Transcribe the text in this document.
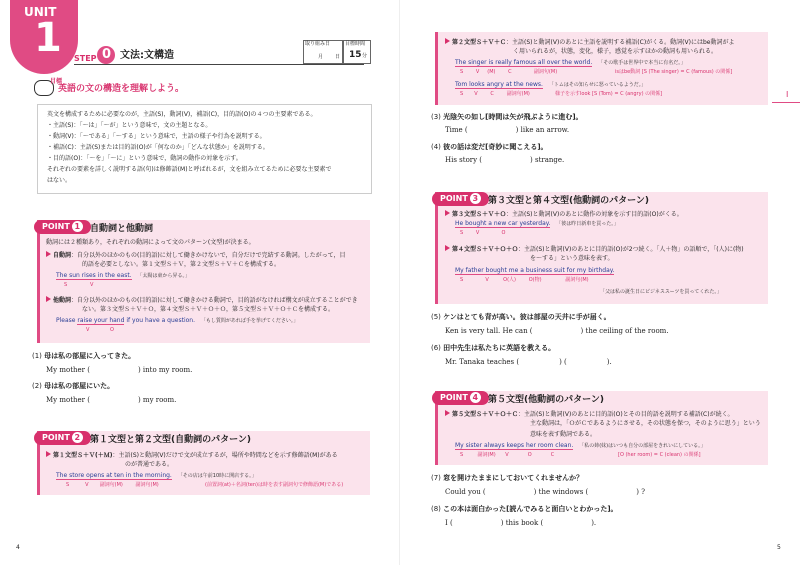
UNIT
1 STEP 0 文法:文構造
取り組み日
月 日
目標時間
15 分
目標
英語の文の構造を理解しよう。
英文を構成するために必要なのが，主語(S)，動詞(V)，補語(C)，目的語(O)の４つの主要素である。
・主語(S)：「～は」「～が」という意味で，文の主題となる。
・動詞(V)：「～である」「～する」という意味で，主語の様子や行為を説明する。
・補語(C)：主語(S)または目的語(O)が「何なのか」「どんな状態か」を説明する。
・目的語(O)：「～を」「～に」という意味で，動詞の動作の対象を示す。
それぞれの要素を詳しく説明する語(句)は修飾語(M)と呼ばれるが，文を組み立てるために必要な主要素で
はない。
POINT 1	自動詞と他動詞
動詞には２種類あり，それぞれの動詞によって文のパターン(文型)が決まる。
自動詞：自分以外のほかのもの(目的語)に対して働きかけないで，自分だけで完結する動詞。したがって，目
的語を必要としない。第１文型Ｓ＋Ｖ，第２文型Ｓ＋Ｖ＋Ｃを構成する。
The sun rises in the east. 「太陽は東から昇る。」
S	V
他動詞：自分以外のほかのもの(目的語)に対して働きかける動詞で，目的語がなければ構文が成立することができ
ない。第３文型Ｓ＋Ｖ＋Ｏ，第４文型Ｓ＋Ｖ＋Ｏ＋Ｏ，第５文型Ｓ＋Ｖ＋Ｏ＋Ｃを構成する。
Please raise your hand if you have a question. 「もし質問があれば手を挙げてください。」
V	O
(1) 母は私の部屋に入ってきた。
My mother (	) into my room.
(2) 母は私の部屋にいた。
My mother (	) my room.
POINT 2	第１文型と第２文型(自動詞のパターン)
第１文型Ｓ＋Ｖ(＋Ｍ)：主語(S)と動詞(V)だけで文が成立するが，場所や時間などを示す修飾語(M)がある
のが普通である。
The store opens at ten in the morning. 「その店は午前10時に開店する。」
S          V       副詞句(M)        副詞句(M)	(前置詞(at)＋名詞(ten)は時を表す副詞句で修飾語(M)である)
4
第２文型Ｓ＋Ｖ＋Ｃ：主語(S)と動詞(V)のあとに主語を説明する補語(C)がくる。動詞(V)にはbe動詞がよ
く用いられるが，状態，変化，様子，感覚を示すほかの動詞も用いられる。
The singer is really famous all over the world. 「その歌手は世界中で本当に有名だ。」
S        V     (M)        C              副詞句(M)	isはbe動詞 [S (The singer) = C (famous) の関係]
Tom looks angry at the news. 「トムはその知らせに怒っているようだ。」
S       V        C        副詞句(M)	様子を示すlook [S (Tom) = C (angry) の関係]
(3) 光陰矢の如し[時間は矢が飛ぶように進む]。
Time (	) like an arrow.
(4) 彼の話は変だ[奇妙に聞こえる]。
His story (	) strange.
POINT 3	第３文型と第４文型(他動詞のパターン)
第３文型Ｓ＋Ｖ＋Ｏ：主語(S)と動詞(V)のあとに動作の対象を示す目的語(O)がくる。
He bought a new car yesterday. 「彼は昨日新車を買った。」
S        V              O
第４文型Ｓ＋Ｖ＋Ｏ＋Ｏ：主語(S)と動詞(V)のあとに目的語(O)が2つ続く。「人＋物」の語順で，「(人)に(物)
を～する」という意味を表す。
My father bought me a business suit for my birthday.
S              V         O(人)        O(物)               副詞句(M)
「父は私の誕生日にビジネススーツを買ってくれた。」
(5) ケンはとても背が高い。彼は部屋の天井に手が届く。
Ken is very tall. He can (	) the ceiling of the room.
(6) 田中先生は私たちに英語を教える。
Mr. Tanaka teaches (	) (	).
POINT 4	第５文型(他動詞のパターン)
第５文型Ｓ＋Ｖ＋Ｏ＋Ｃ：主語(S)と動詞(V)のあとに目的語(O)とその目的語を説明する補語(C)が続く。
主な動詞は，「ＯがＣであるようにさせる，その状態を保つ，そのように思う」という
意味を表す動詞である。
My sister always keeps her room clean. 「私の姉(妹)はいつも自分の部屋をきれいにしている。」
S         副詞(M)      V            O            C	[O (her room) = C (clean) の関係]
(7) 窓を開けたままにしておいてくれませんか？
Could you (	) the windows (	) ?
(8) この本は面白かった[読んでみると面白いとわかった]。
I (	) this book (	).
I
5
